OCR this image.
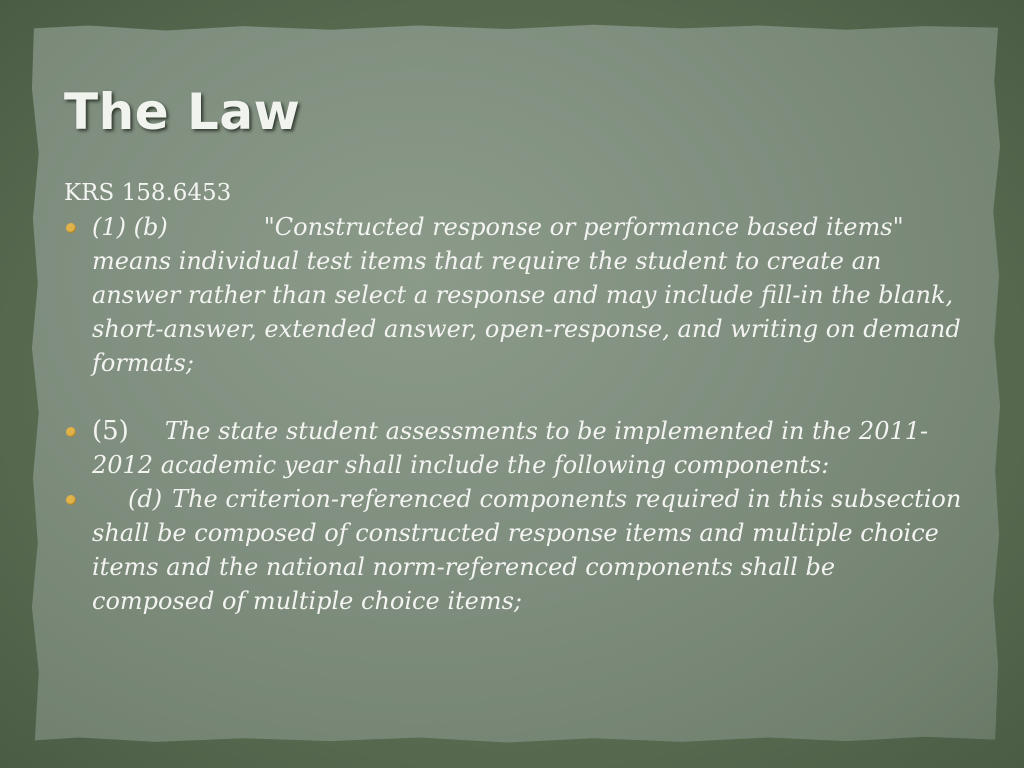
The Law

KRS 158.6453

(1) (b)	"Constructed response or performance based items" means individual test items that require the student to create an answer rather than select a response and may include fill-in the blank, short-answer, extended answer, open-response, and writing on demand formats;
(5) The state student assessments to be implemented in the 2011-2012 academic year shall include the following components:
(d) The criterion-referenced components required in this subsection shall be composed of constructed response items and multiple choice items and the national norm-referenced components shall be composed of multiple choice items;
